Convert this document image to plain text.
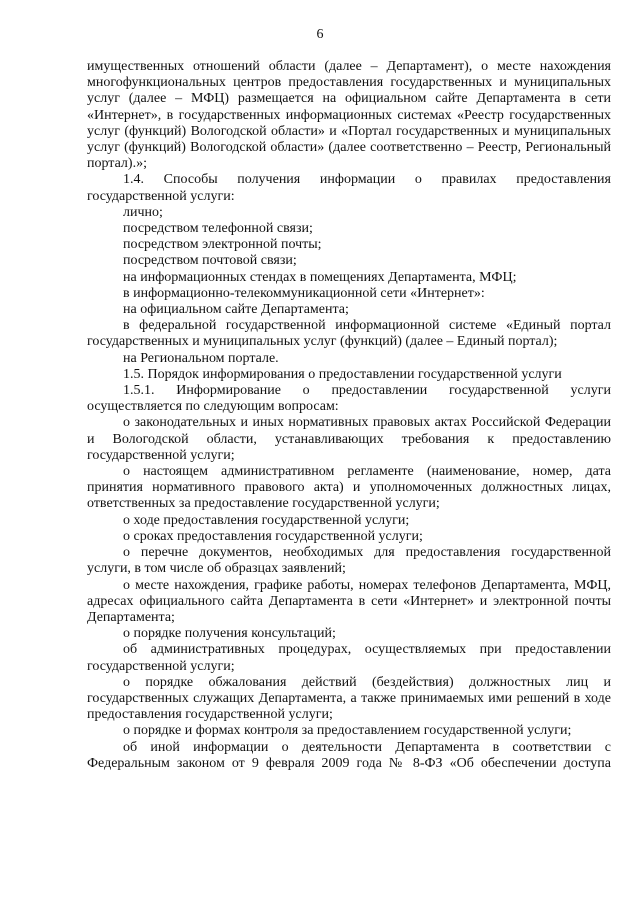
6

имущественных отношений области (далее – Департамент), о месте нахождения многофункциональных центров предоставления государственных и муниципальных услуг (далее – МФЦ) размещается на официальном сайте Департамента в сети «Интернет», в государственных информационных системах «Реестр государственных услуг (функций) Вологодской области» и «Портал государственных и муниципальных услуг (функций) Вологодской области» (далее соответственно – Реестр, Региональный портал).»;

1.4. Способы получения информации о правилах предоставления государственной услуги:

лично;

посредством телефонной связи;

посредством электронной почты;

посредством почтовой связи;

на информационных стендах в помещениях Департамента, МФЦ;

в информационно-телекоммуникационной сети «Интернет»:

на официальном сайте Департамента;

в федеральной государственной информационной системе «Единый портал государственных и муниципальных услуг (функций) (далее – Единый портал);

на Региональном портале.

1.5. Порядок информирования о предоставлении государственной услуги

1.5.1. Информирование о предоставлении государственной услуги осуществляется по следующим вопросам:

о законодательных и иных нормативных правовых актах Российской Федерации и Вологодской области, устанавливающих требования к предоставлению государственной услуги;

о настоящем административном регламенте (наименование, номер, дата принятия нормативного правового акта) и уполномоченных должностных лицах, ответственных за предоставление государственной услуги;

о ходе предоставления государственной услуги;

о сроках предоставления государственной услуги;

о перечне документов, необходимых для предоставления государственной услуги, в том числе об образцах заявлений;

о месте нахождения, графике работы, номерах телефонов Департамента, МФЦ, адресах официального сайта Департамента в сети «Интернет» и электронной почты Департамента;

о порядке получения консультаций;

об административных процедурах, осуществляемых при предоставлении государственной услуги;

о порядке обжалования действий (бездействия) должностных лиц и государственных служащих Департамента, а также принимаемых ими решений в ходе предоставления государственной услуги;

о порядке и формах контроля за предоставлением государственной услуги;

об иной информации о деятельности Департамента в соответствии с Федеральным законом от 9 февраля 2009 года № 8-ФЗ «Об обеспечении доступа
